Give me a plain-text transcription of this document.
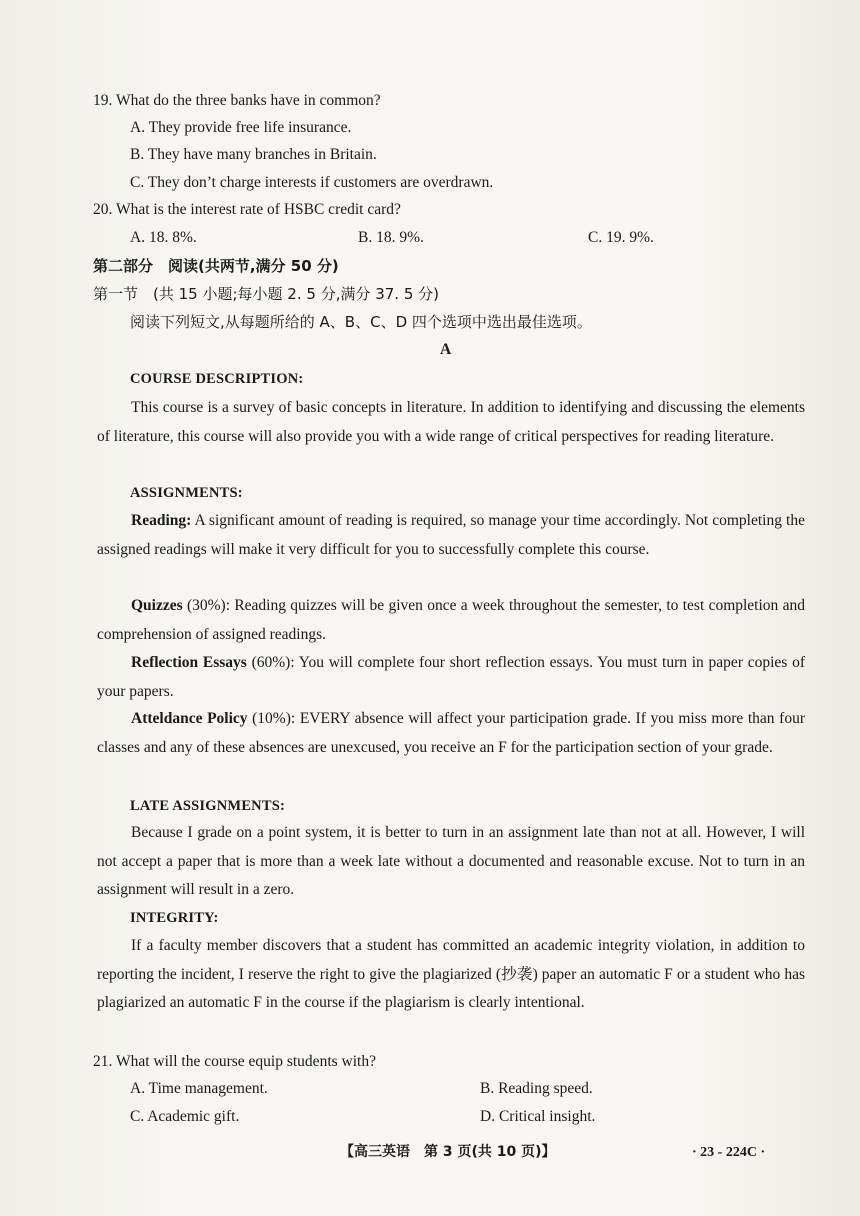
19. What do the three banks have in common?
A. They provide free life insurance.
B. They have many branches in Britain.
C. They don’t charge interests if customers are overdrawn.
20. What is the interest rate of HSBC credit card?
A. 18. 8%.	B. 18. 9%.	C. 19. 9%.
第二部分　阅读(共两节,满分 50 分)
第一节　(共 15 小题;每小题 2. 5 分,满分 37. 5 分)
阅读下列短文,从每题所给的 A、B、C、D 四个选项中选出最佳选项。
A
COURSE DESCRIPTION:
This course is a survey of basic concepts in literature. In addition to identifying and discussing the elements of literature, this course will also provide you with a wide range of critical perspectives for reading literature.
ASSIGNMENTS:
Reading: A significant amount of reading is required, so manage your time accordingly. Not completing the assigned readings will make it very difficult for you to successfully complete this course.
Quizzes (30%): Reading quizzes will be given once a week throughout the semester, to test completion and comprehension of assigned readings.
Reflection Essays (60%): You will complete four short reflection essays. You must turn in paper copies of your papers.
Atteldance Policy (10%): EVERY absence will affect your participation grade. If you miss more than four classes and any of these absences are unexcused, you receive an F for the participation section of your grade.
LATE ASSIGNMENTS:
Because I grade on a point system, it is better to turn in an assignment late than not at all. However, I will not accept a paper that is more than a week late without a documented and reasonable excuse. Not to turn in an assignment will result in a zero.
INTEGRITY:
If a faculty member discovers that a student has committed an academic integrity violation, in addition to reporting the incident, I reserve the right to give the plagiarized (抄袭) paper an automatic F or a student who has plagiarized an automatic F in the course if the plagiarism is clearly intentional.
21. What will the course equip students with?
A. Time management.	B. Reading speed.
C. Academic gift.	D. Critical insight.
【高三英语　第 3 页(共 10 页)】	· 23 - 224C ·
